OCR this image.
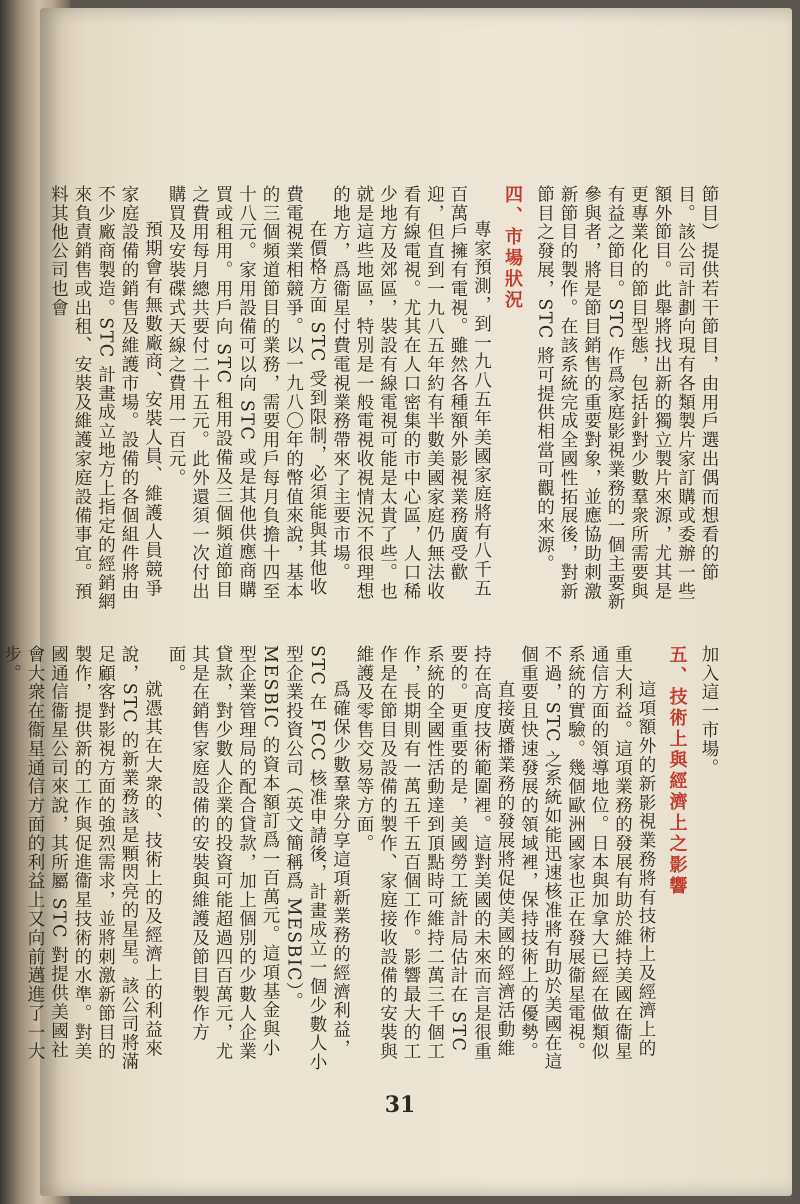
節目）提供若干節目，由用戶選出偶而想看的節目。該公司計劃向現有各類製片家訂購或委辦一些額外節目。此舉將找出新的獨立製片來源，尤其是更專業化的節目型態，包括針對少數羣衆所需要與有益之節目。STC 作爲家庭影視業務的一個主要新參與者，將是節目銷售的重要對象，並應協助刺激新節目的製作。在該系統完成全國性拓展後，對新節目之發展，STC 將可提供相當可觀的來源。

四、市場狀況

專家預測，到一九八五年美國家庭將有八千五百萬戶擁有電視。雖然各種額外影視業務廣受歡迎，但直到一九八五年約有半數美國家庭仍無法收看有線電視。尤其在人口密集的市中心區，人口稀少地方及郊區，裝設有線電視可能是太貴了些。也就是這些地區，特別是一般電視收視情況不很理想的地方，爲衞星付費電視業務帶來了主要市場。

在價格方面 STC 受到限制，必須能與其他收費電視業相競爭。以一九八〇年的幣值來說，基本的三個頻道節目的業務，需要用戶每月負擔十四至十八元。家用設備可以向 STC 或是其他供應商購買或租用。用戶向 STC 租用設備及三個頻道節目之費用每月總共要付二十五元。此外還須一次付出購買及安裝碟式天線之費用一百元。

預期會有無數廠商、安裝人員、維護人員競爭家庭設備的銷售及維護市場。設備的各個組件將由不少廠商製造。STC 計畫成立地方上指定的經銷網來負責銷售或出租、安裝及維護家庭設備事宜。預料其他公司也會

加入這一市場。

五、技術上與經濟上之影響

這項額外的新影視業務將有技術上及經濟上的重大利益。這項業務的發展有助於維持美國在衞星通信方面的領導地位。日本與加拿大已經在做類似系統的實驗。幾個歐洲國家也正在發展衞星電視。不過，STC 之系統如能迅速核准將有助於美國在這個重要且快速發展的領域裡，保持技術上的優勢。

直接廣播業務的發展將促使美國的經濟活動維持在高度技術範圍裡。這對美國的未來而言是很重要的。更重要的是，美國勞工統計局估計在 STC 系統的全國性活動達到頂點時可維持二萬三千個工作，長期則有一萬五千五百個工作。影響最大的工作是在節目及設備的製作、家庭接收設備的安裝與維護及零售交易等方面。

爲確保少數羣衆分享這項新業務的經濟利益，STC 在 FCC 核准申請後，計畫成立一個少數人小型企業投資公司（英文簡稱爲 MESBIC）。MESBIC 的資本額訂爲一百萬元。這項基金與小型企業管理局的配合貸款，加上個別的少數人企業貸款，對少數人企業的投資可能超過四百萬元，尤其是在銷售家庭設備的安裝與維護及節目製作方面。

就憑其在大衆的、技術上的及經濟上的利益來說，STC 的新業務該是顆閃亮的星星。該公司將滿足顧客對影視方面的強烈需求，並將刺激新節目的製作，提供新的工作與促進衞星技術的水準。對美國通信衞星公司來說，其所屬 STC 對提供美國社會大衆在衞星通信方面的利益上又向前邁進了一大步。

31
